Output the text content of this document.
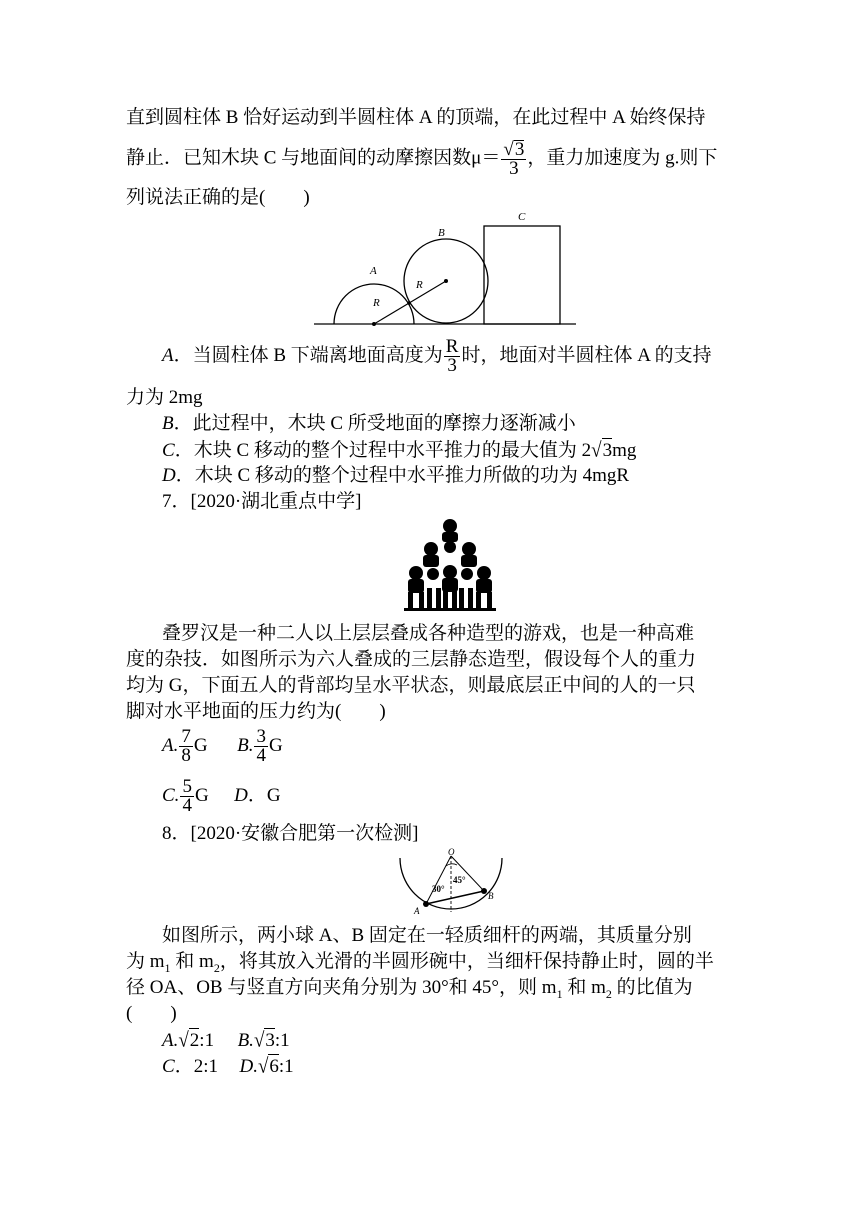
直到圆柱体 B 恰好运动到半圆柱体 A 的顶端，在此过程中 A 始终保持
静止．已知木块 C 与地面间的动摩擦因数$\mu= \frac{√3}{3}$ ，重力加速度为 g.则下
列说法正确的是(　　)
C
B
A
R
R
A．当圆柱体 B 下端离地面高度为 $\frac{R}{3}$ 时，地面对半圆柱体 A 的支持
力为 2mg
B．此过程中，木块 C 所受地面的摩擦力逐渐减小
C．木块 C 移动的整个过程中水平推力的最大值为 2√3mg
D．木块 C 移动的整个过程中水平推力所做的功为 4mgR
7．[2020·湖北重点中学]
叠罗汉是一种二人以上层层叠成各种造型的游戏，也是一种高难
度的杂技．如图所示为六人叠成的三层静态造型，假设每个人的重力
均为 G，下面五人的背部均呈水平状态，则最底层正中间的人的一只
脚对水平地面的压力约为(　　)
A. $\frac{7}{8}$ G B. $\frac{3}{4}$ G
C. $\frac{5}{4}$ G D．G
8．[2020·安徽合肥第一次检测]
O
A
B
30°
45°
如图所示，两小球 A、B 固定在一轻质细杆的两端，其质量分别
为 $m_1$ 和 $m_2$，将其放入光滑的半圆形碗中，当细杆保持静止时，圆的半
径 OA、OB 与竖直方向夹角分别为 30°和 45°，则 $m_1$ 和 $m_2$ 的比值为
(　　)
A.√2:1 B.√3:1
C．2:1 D.√6:1
